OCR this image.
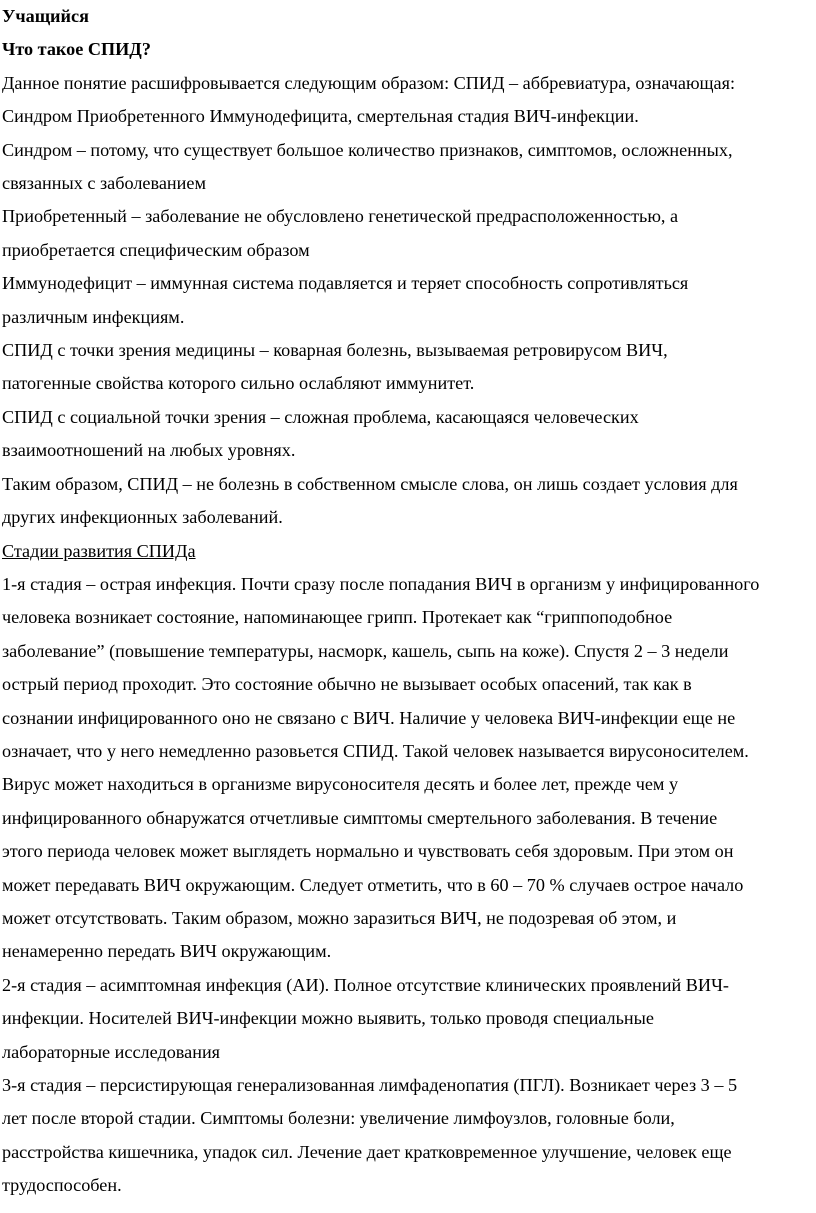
Учащийся

Что такое СПИД?

Данное понятие расшифровывается следующим образом: СПИД – аббревиатура, означающая:

Синдром Приобретенного Иммунодефицита, смертельная стадия ВИЧ-инфекции.

Синдром – потому, что существует большое количество признаков, симптомов, осложненных,

связанных с заболеванием

Приобретенный – заболевание не обусловлено генетической предрасположенностью, а

приобретается специфическим образом

Иммунодефицит – иммунная система подавляется и теряет способность сопротивляться

различным инфекциям.

СПИД с точки зрения медицины – коварная болезнь, вызываемая ретровирусом ВИЧ,

патогенные свойства которого сильно ослабляют иммунитет.

СПИД с социальной точки зрения – сложная проблема, касающаяся человеческих

взаимоотношений на любых уровнях.

Таким образом, СПИД – не болезнь в собственном смысле слова, он лишь создает условия для

других инфекционных заболеваний.

Стадии развития СПИДа

1-я стадия – острая инфекция. Почти сразу после попадания ВИЧ в организм у инфицированного

человека возникает состояние, напоминающее грипп. Протекает как “гриппоподобное

заболевание” (повышение температуры, насморк, кашель, сыпь на коже). Спустя 2 – 3 недели

острый период проходит. Это состояние обычно не вызывает особых опасений, так как в

сознании инфицированного оно не связано с ВИЧ. Наличие у человека ВИЧ-инфекции еще не

означает, что у него немедленно разовьется СПИД. Такой человек называется вирусоносителем.

Вирус может находиться в организме вирусоносителя десять и более лет, прежде чем у

инфицированного обнаружатся отчетливые симптомы смертельного заболевания. В течение

этого периода человек может выглядеть нормально и чувствовать себя здоровым. При этом он

может передавать ВИЧ окружающим. Следует отметить, что в 60 – 70 % случаев острое начало

может отсутствовать. Таким образом, можно заразиться ВИЧ, не подозревая об этом, и

ненамеренно передать ВИЧ окружающим.

2-я стадия – асимптомная инфекция (АИ). Полное отсутствие клинических проявлений ВИЧ-

инфекции. Носителей ВИЧ-инфекции можно выявить, только проводя специальные

лабораторные исследования

3-я стадия – персистирующая генерализованная лимфаденопатия (ПГЛ). Возникает через 3 – 5

лет после второй стадии. Симптомы болезни: увеличение лимфоузлов, головные боли,

расстройства кишечника, упадок сил. Лечение дает кратковременное улучшение, человек еще

трудоспособен.
